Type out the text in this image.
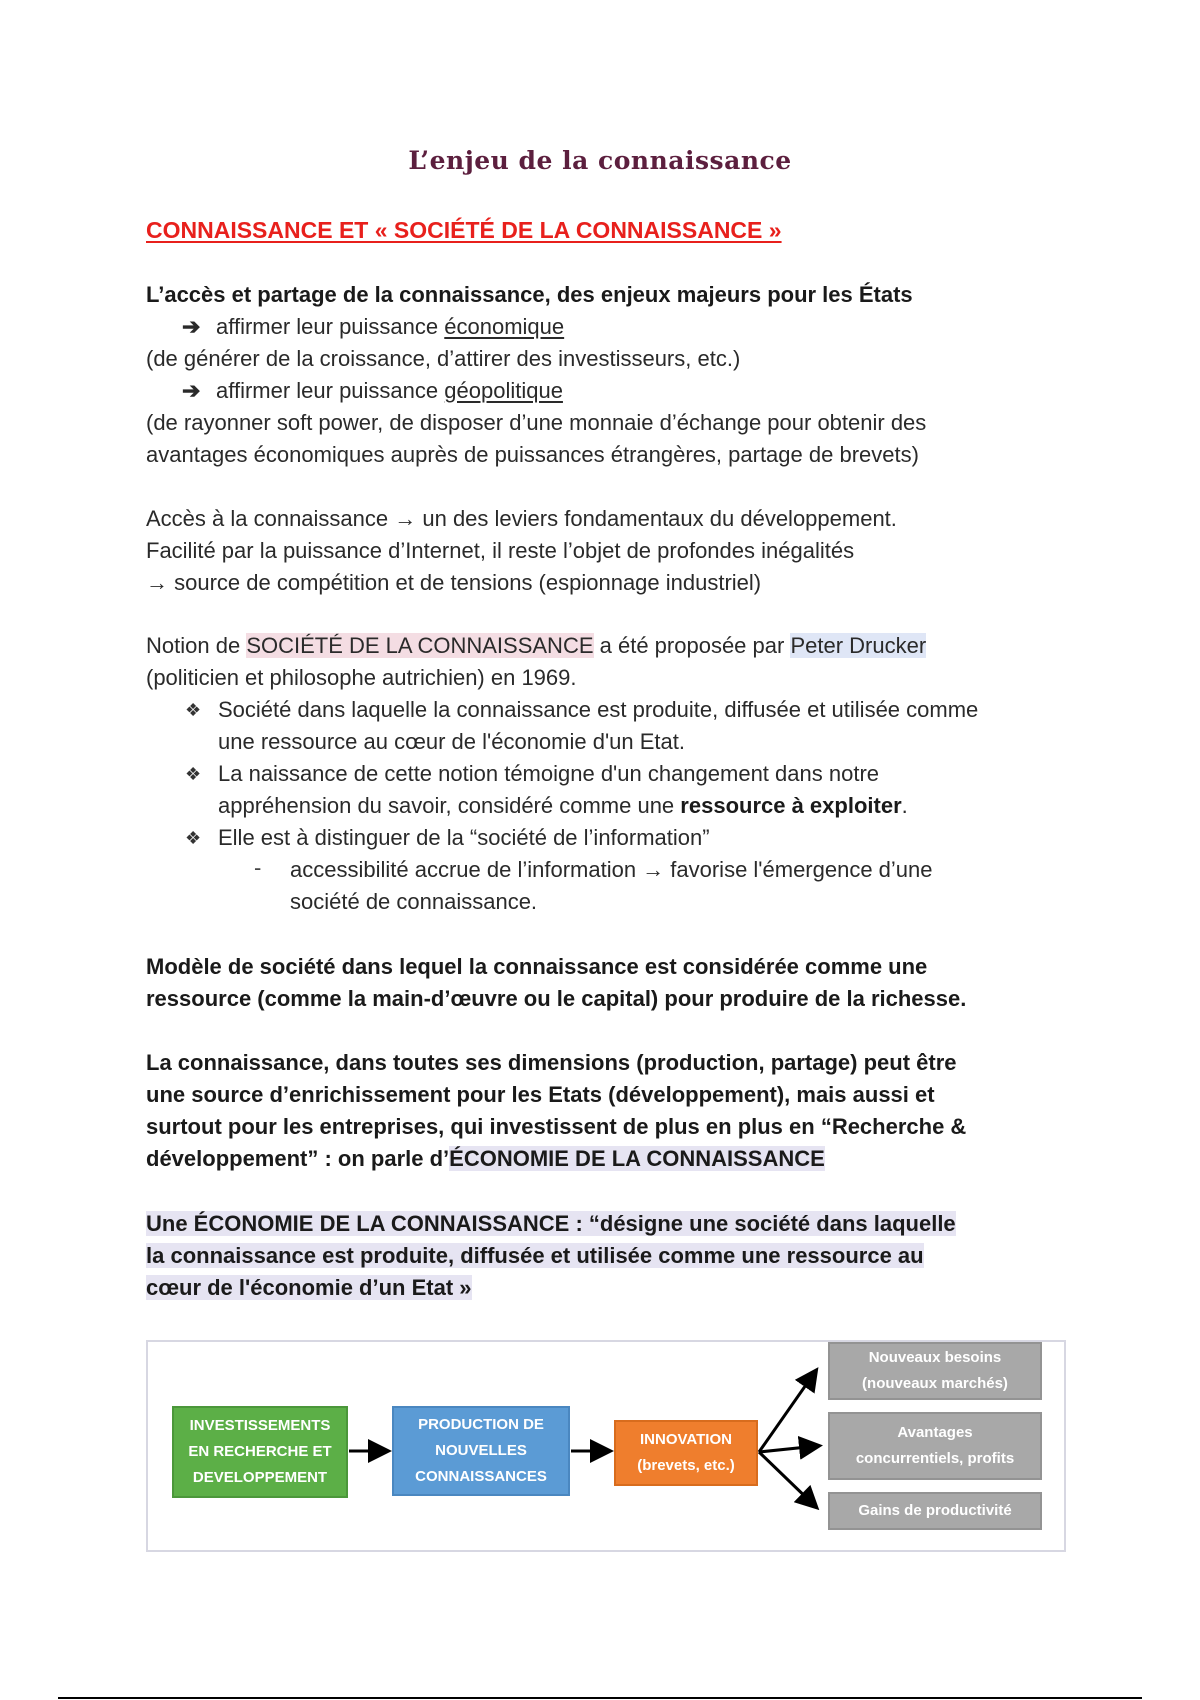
L’enjeu de la connaissance
CONNAISSANCE ET « SOCIÉTÉ DE LA CONNAISSANCE »
L’accès et partage de la connaissance, des enjeux majeurs pour les États
➔ affirmer leur puissance économique
(de générer de la croissance, d’attirer des investisseurs, etc.)
➔ affirmer leur puissance géopolitique
(de rayonner soft power, de disposer d’une monnaie d’échange pour obtenir des
avantages économiques auprès de puissances étrangères, partage de brevets)
Accès à la connaissance → un des leviers fondamentaux du développement.
Facilité par la puissance d’Internet, il reste l’objet de profondes inégalités
→ source de compétition et de tensions (espionnage industriel)
Notion de SOCIÉTÉ DE LA CONNAISSANCE a été proposée par Peter Drucker
(politicien et philosophe autrichien) en 1969.
❖ Société dans laquelle la connaissance est produite, diffusée et utilisée comme
une ressource au cœur de l'économie d'un Etat.
❖ La naissance de cette notion témoigne d'un changement dans notre
appréhension du savoir, considéré comme une ressource à exploiter.
❖ Elle est à distinguer de la “société de l’information”
- accessibilité accrue de l’information → favorise l'émergence d’une
société de connaissance.
Modèle de société dans lequel la connaissance est considérée comme une
ressource (comme la main-d’œuvre ou le capital) pour produire de la richesse.
La connaissance, dans toutes ses dimensions (production, partage) peut être
une source d’enrichissement pour les Etats (développement), mais aussi et
surtout pour les entreprises, qui investissent de plus en plus en “Recherche &
développement” : on parle d’ÉCONOMIE DE LA CONNAISSANCE
Une ÉCONOMIE DE LA CONNAISSANCE : “désigne une société dans laquelle
la connaissance est produite, diffusée et utilisée comme une ressource au
cœur de l'économie d’un Etat »
INVESTISSEMENTS
EN RECHERCHE ET
DEVELOPPEMENT
PRODUCTION DE
NOUVELLES
CONNAISSANCES
INNOVATION
(brevets, etc.)
Nouveaux besoins
(nouveaux marchés)
Avantages
concurrentiels, profits
Gains de productivité
